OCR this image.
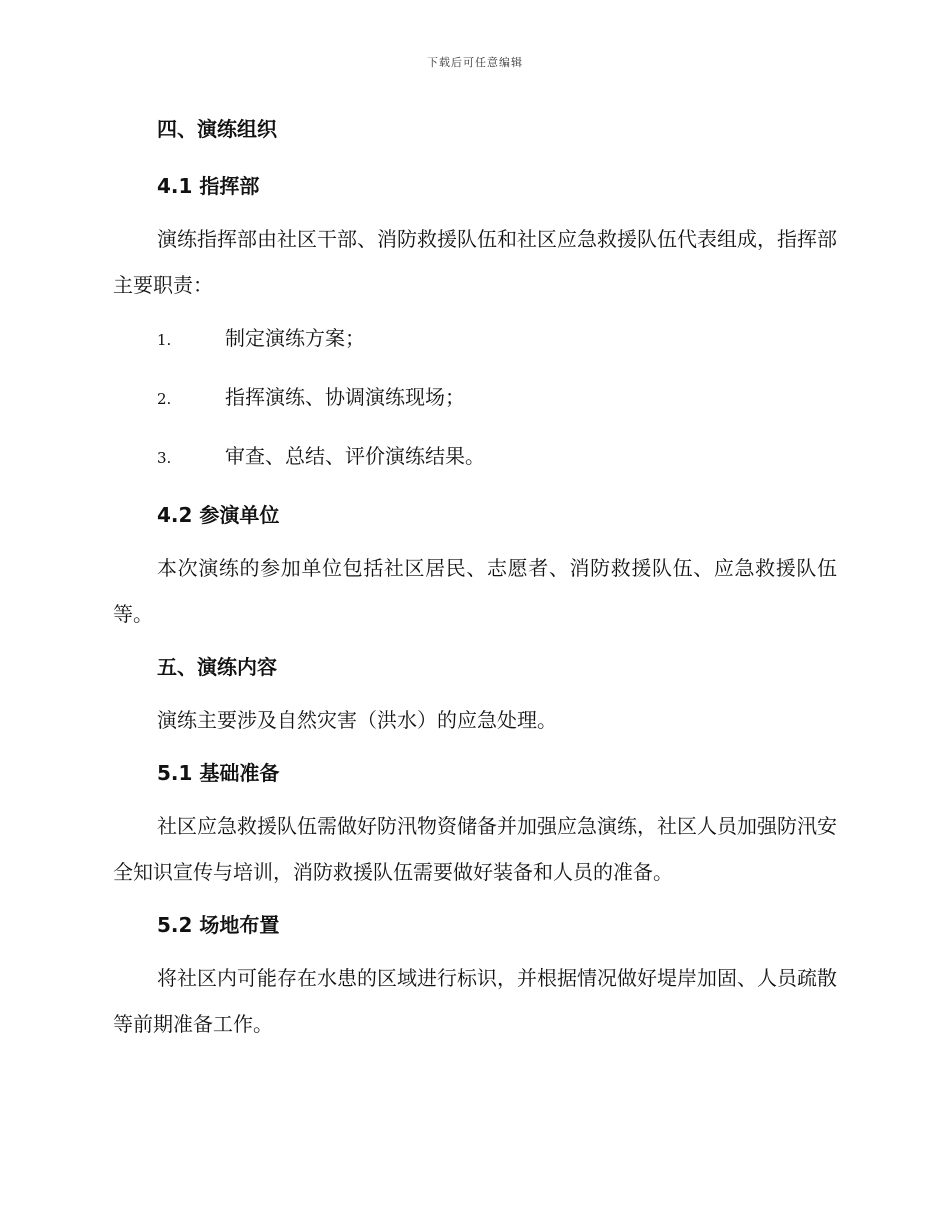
下载后可任意编辑
四、演练组织
4.1 指挥部

演练指挥部由社区干部、消防救援队伍和社区应急救援队伍代表组成，指挥部主要职责：

1.	制定演练方案；
2.	指挥演练、协调演练现场；
3.	审查、总结、评价演练结果。
4.2 参演单位

本次演练的参加单位包括社区居民、志愿者、消防救援队伍、应急救援队伍等。

五、演练内容

演练主要涉及自然灾害（洪水）的应急处理。

5.1 基础准备

社区应急救援队伍需做好防汛物资储备并加强应急演练，社区人员加强防汛安全知识宣传与培训，消防救援队伍需要做好装备和人员的准备。

5.2 场地布置

将社区内可能存在水患的区域进行标识，并根据情况做好堤岸加固、人员疏散等前期准备工作。
